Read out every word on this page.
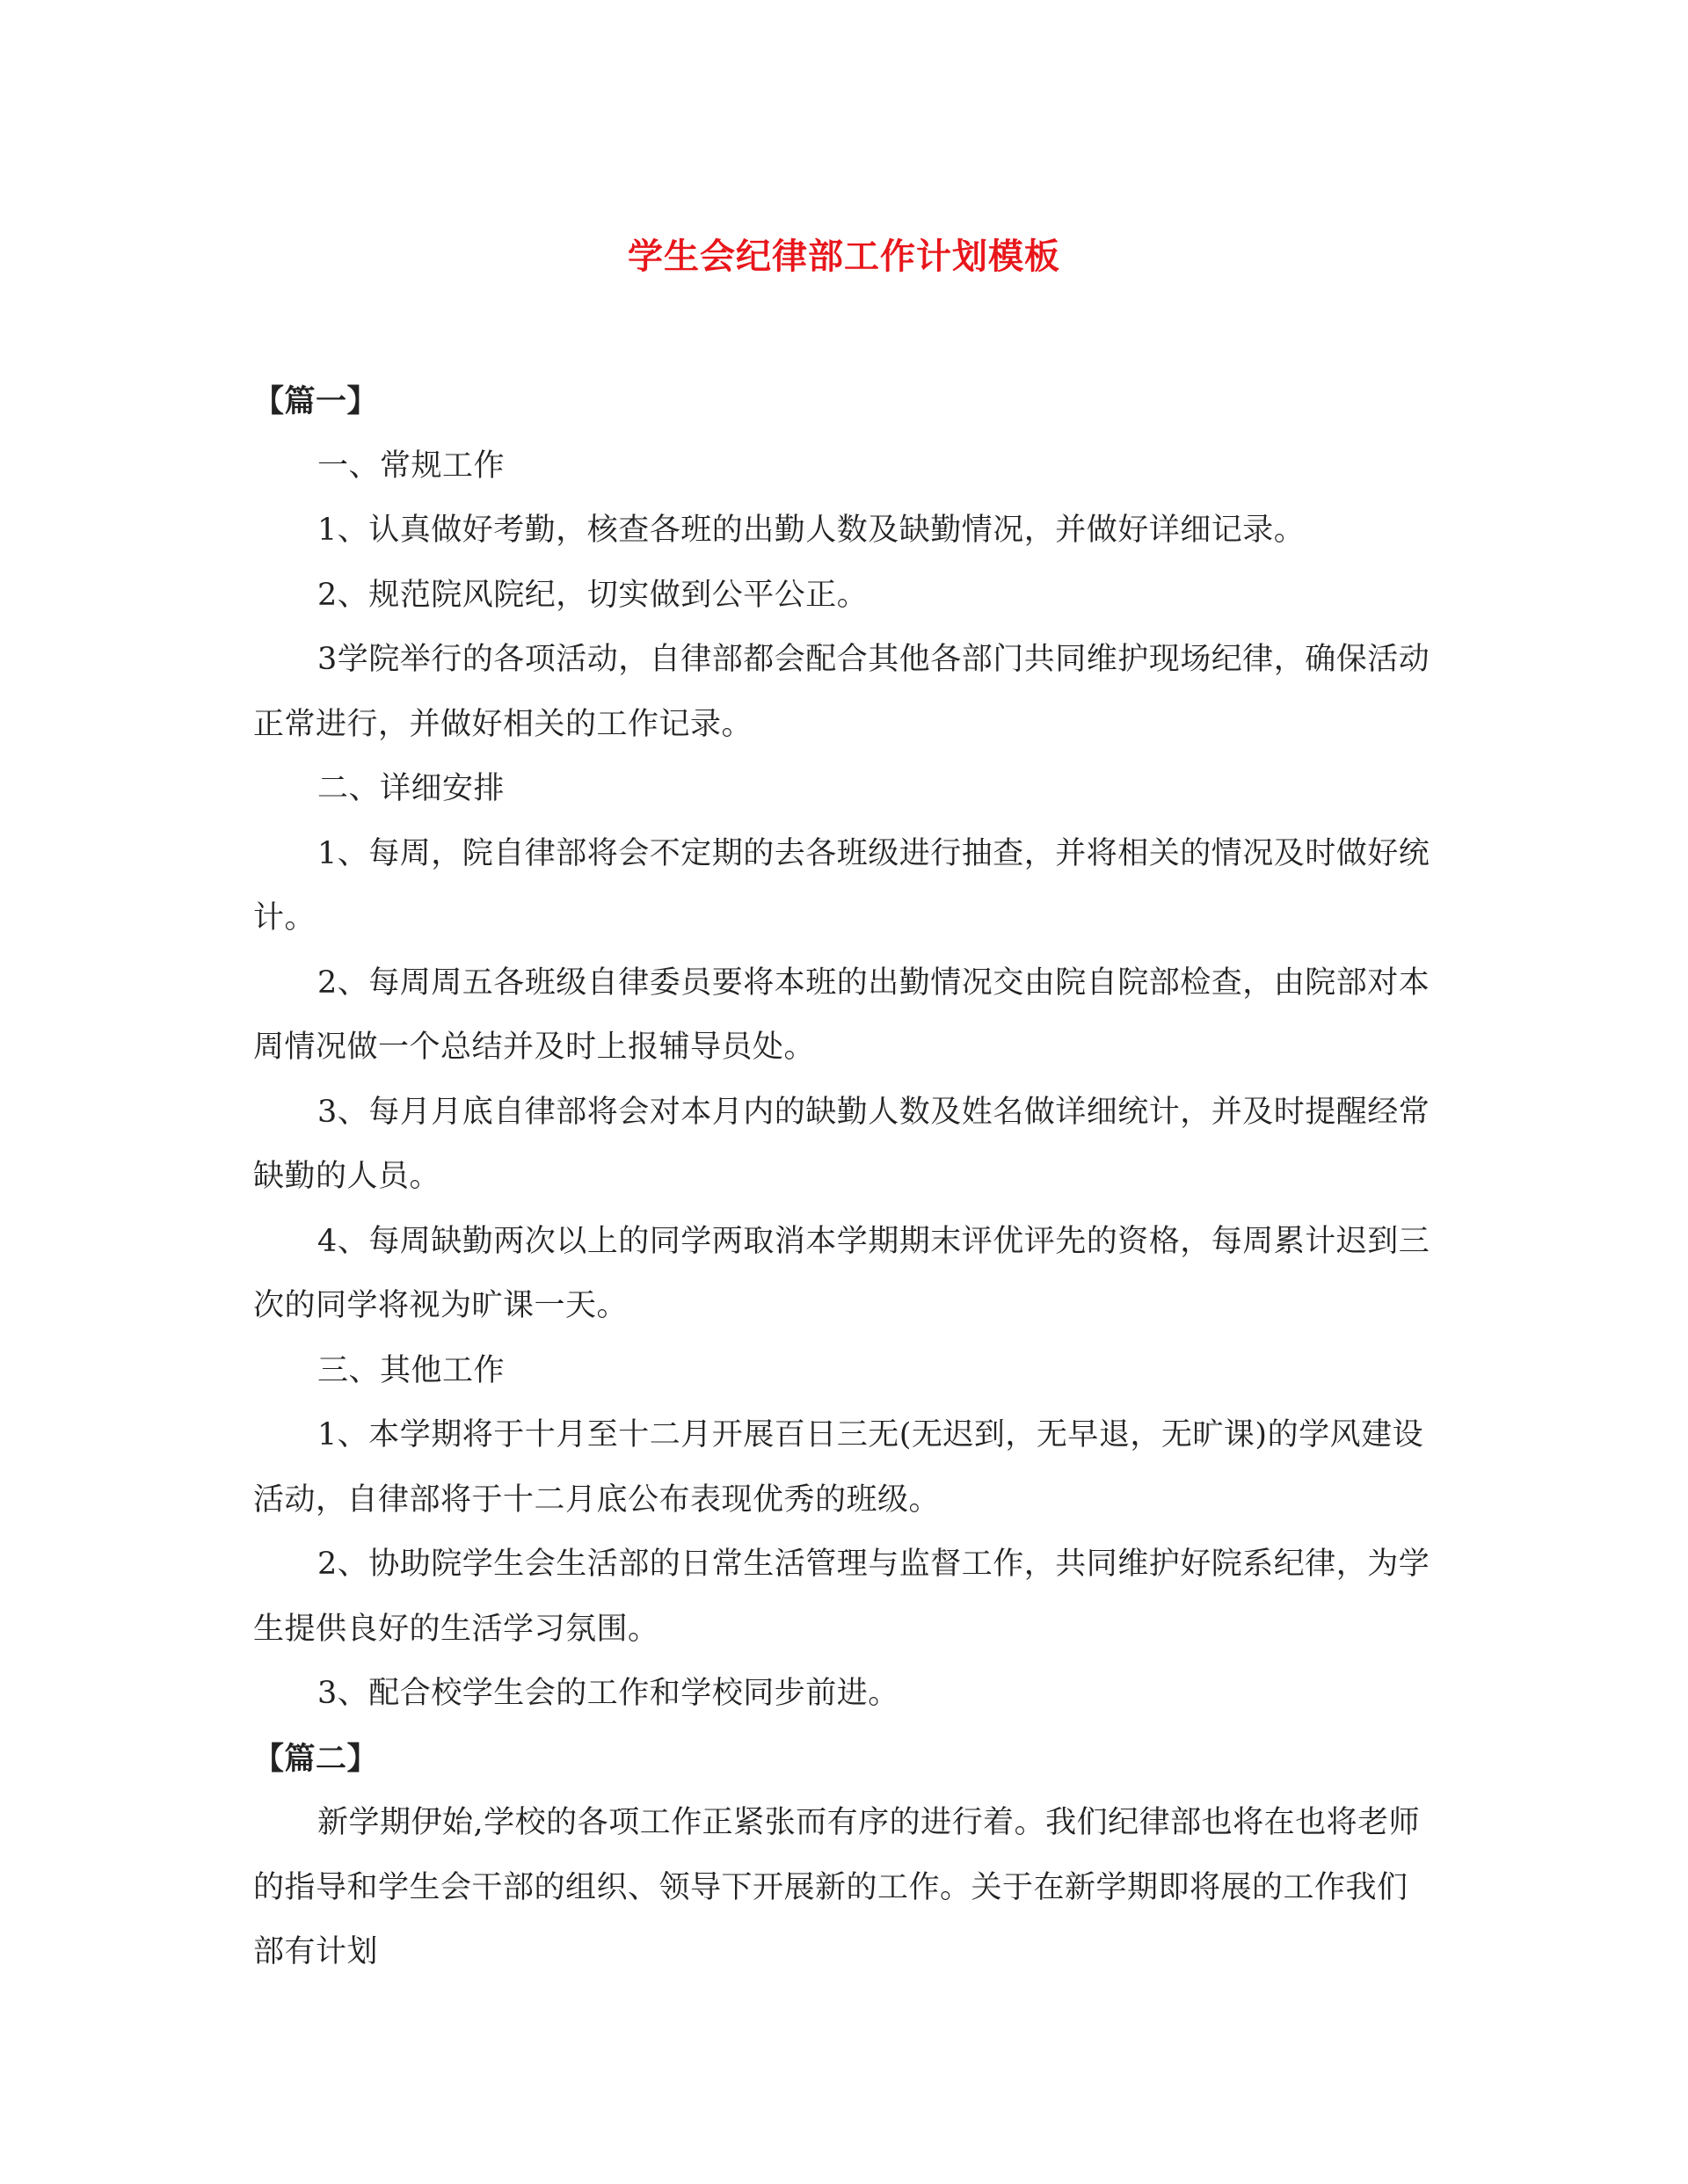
学生会纪律部工作计划模板

【篇一】

一、常规工作

1、认真做好考勤，核查各班的出勤人数及缺勤情况，并做好详细记录。

2、规范院风院纪，切实做到公平公正。

3学院举行的各项活动，自律部都会配合其他各部门共同维护现场纪律，确保活动正常进行，并做好相关的工作记录。

二、详细安排

1、每周，院自律部将会不定期的去各班级进行抽查，并将相关的情况及时做好统计。

2、每周周五各班级自律委员要将本班的出勤情况交由院自院部检查，由院部对本周情况做一个总结并及时上报辅导员处。

3、每月月底自律部将会对本月内的缺勤人数及姓名做详细统计，并及时提醒经常缺勤的人员。

4、每周缺勤两次以上的同学两取消本学期期末评优评先的资格，每周累计迟到三次的同学将视为旷课一天。

三、其他工作

1、本学期将于十月至十二月开展百日三无(无迟到，无早退，无旷课)的学风建设活动，自律部将于十二月底公布表现优秀的班级。

2、协助院学生会生活部的日常生活管理与监督工作，共同维护好院系纪律，为学生提供良好的生活学习氛围。

3、配合校学生会的工作和学校同步前进。

【篇二】

新学期伊始,学校的各项工作正紧张而有序的进行着。我们纪律部也将在也将老师的指导和学生会干部的组织、领导下开展新的工作。关于在新学期即将展的工作我们部有计划
